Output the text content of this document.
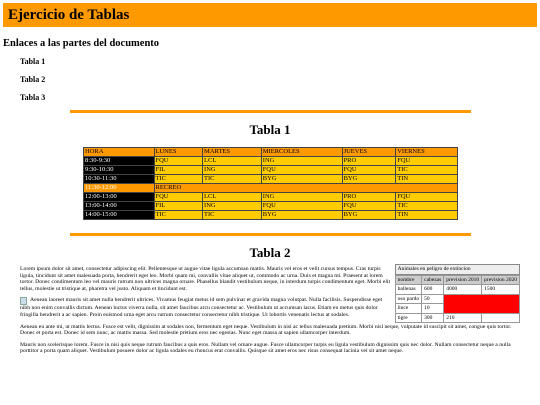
Ejercicio de Tablas
Enlaces a las partes del documento
Tabla 1
Tabla 2
Tabla 3
Tabla 1
HORA	LUNES	MARTES	MIERCOLES	JUEVES	VIERNES
8:30-9:30	FQU	LCL	ING	PRO	FQU
9:30-10:30	FIL	ING	FQU	FQU	TIC
10:30-11:30	TIC	TIC	BYG	BYG	TIN
11:30-12:00	RECREO				
12:00-13:00	FQU	LCL	ING	PRO	FQU
13:00-14:00	FIL	ING	FQU	FQU	TIC
14:00-15:00	TIC	TIC	BYG	BYG	TIN
Tabla 2
Animales en peligro de extincion
nombre	cabezas	prevision 2010	prevision 2020
ballenas	600	4000	1500
oso pardo	50		
lince	10		
tigre	300	210	

Lorem ipsum dolor sit amet, consectetur adipiscing elit. Pellentesque ut augue vitae ligula accumsan mattis. Mauris vel eros et velit cursus tempus. Cras turpis ligula, tincidunt sit amet malesuada porta, hendrerit eget leo. Morbi quam mi, convallis vitae aliquet ut, commodo ac urna. Duis et magna mi. Praesent at lorem tortor. Donec condimentum leo vel mauris rutrum non ultrices magna ornare. Phasellus blandit vestibulum neque, in interdum turpis condimentum eget. Morbi elit tellus, molestie ut tristique at, pharetra vel justo. Aliquam et tincidunt est.

Aenean laoreet mauris sit amet nulla hendrerit ultrices. Vivamus feugiat metus id sem pulvinar et gravida magna volutpat. Nulla facilisis. Suspendisse eget nibh non enim convallis dictum. Aenean luctus viverra nulla, sit amet faucibus arcu consectetur ac. Vestibulum ut accumsan lacus. Etiam eu metus quis dolor fringilla hendrerit a ac sapien. Proin euismod urna eget arcu rutrum consectetur consectetur nibh tristique. Ut lobortis venenatis lectus at sodales.

Aenean eu ante mi, ut mattis lectus. Fusce est velit, dignissim at sodales non, fermentum eget neque. Vestibulum in nisi ac tellus malesuada pretium. Morbi nisl neque, vulputate id suscipit sit amet, congue quis tortor. Donec et porta est. Donec id sem nunc, ac mattis massa. Sed molestie pretium eros nec egestas. Nunc eget massa at sapien ullamcorper interdum.

Mauris non scelerisque lorem. Fusce in nisi quis neque rutrum faucibus a quis eros. Nullam vel ornare augue. Fusce ullamcorper turpis eu ligula vestibulum dignissim quis nec dolor. Nullam consectetur neque a nulla porttitor a porta quam aliquet. Vestibulum posuere dolor ac ligula sodales eu rhoncus erat convallis. Quisque sit amet eros nec risus consequat lacinia vel sit amet neque.
